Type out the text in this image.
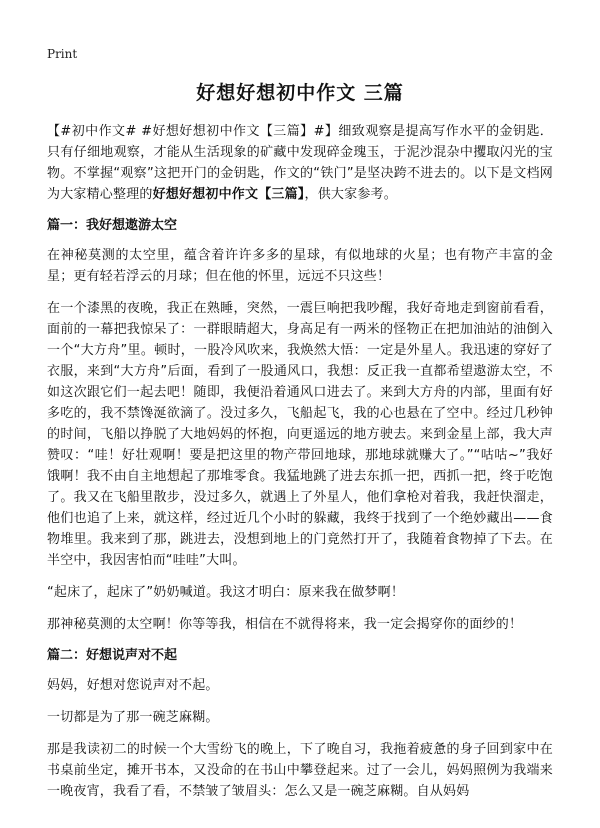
Print
好想好想初中作文 三篇

【#初中作文# #好想好想初中作文【三篇】#】细致观察是提高写作水平的金钥匙．只有仔细地观察，才能从生活现象的矿藏中发现碎金瑰玉，于泥沙混杂中攫取闪光的宝物。不掌握“观察”这把开门的金钥匙，作文的“铁门”是坚决跨不进去的。以下是文档网为大家精心整理的好想好想初中作文【三篇】，供大家参考。

篇一：我好想遨游太空

在神秘莫测的太空里，蕴含着许许多多的星球，有似地球的火星；也有物产丰富的金星；更有轻若浮云的月球；但在他的怀里，远远不只这些！

在一个漆黑的夜晚，我正在熟睡，突然，一震巨响把我吵醒，我好奇地走到窗前看看，面前的一幕把我惊呆了：一群眼睛超大，身高足有一两米的怪物正在把加油站的油倒入一个“大方舟”里。顿时，一股冷风吹来，我焕然大悟：一定是外星人。我迅速的穿好了衣服，来到“大方舟”后面，看到了一股通风口，我想：反正我一直都希望遨游太空，不如这次跟它们一起去吧！随即，我便沿着通风口进去了。来到大方舟的内部，里面有好多吃的，我不禁馋涎欲滴了。没过多久，飞船起飞，我的心也悬在了空中。经过几秒钟的时间，飞船以挣脱了大地妈妈的怀抱，向更遥远的地方驶去。来到金星上部，我大声赞叹：“哇！好壮观啊！要是把这里的物产带回地球，那地球就赚大了。”“咕咕~”我好饿啊！我不由自主地想起了那堆零食。我猛地跳了进去东抓一把，西抓一把，终于吃饱了。我又在飞船里散步，没过多久，就遇上了外星人，他们拿枪对着我，我赶快溜走，他们也追了上来，就这样，经过近几个小时的躲藏，我终于找到了一个绝妙藏出——食物堆里。我来到了那，跳进去，没想到地上的门竟然打开了，我随着食物掉了下去。在半空中，我因害怕而“哇哇”大叫。

“起床了，起床了”奶奶喊道。我这才明白：原来我在做梦啊！

那神秘莫测的太空啊！你等等我，相信在不就得将来，我一定会揭穿你的面纱的！

篇二：好想说声对不起

妈妈，好想对您说声对不起。

一切都是为了那一碗芝麻糊。

那是我读初二的时候一个大雪纷飞的晚上，下了晚自习，我拖着疲惫的身子回到家中在书桌前坐定，摊开书本，又没命的在书山中攀登起来。过了一会儿，妈妈照例为我端来一晚夜宵，我看了看，不禁皱了皱眉头：怎么又是一碗芝麻糊。自从妈妈
